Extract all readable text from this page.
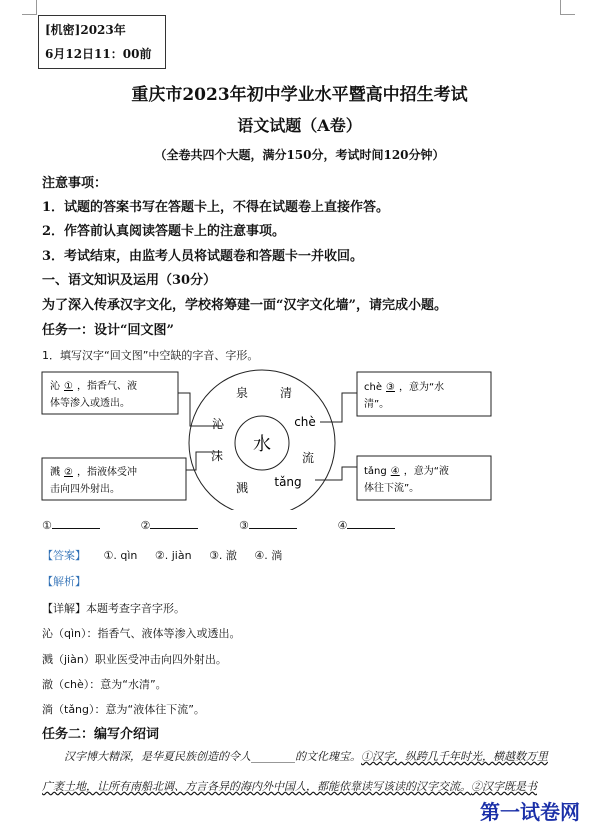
[机密]2023年
6月12日11：00前
重庆市2023年初中学业水平暨高中招生考试
语文试题（A卷）
（全卷共四个大题，满分150分，考试时间120分钟）
注意事项：
1．试题的答案书写在答题卡上，不得在试题卷上直接作答。
2．作答前认真阅读答题卡上的注意事项。
3．考试结束，由监考人员将试题卷和答题卡一并收回。
一、语文知识及运用（30分）
为了深入传承汉字文化，学校将筹建一面“汉字文化墙”，请完成小题。
任务一：设计“回文图”
1．填写汉字“回文图”中空缺的字音、字形。
水
泉	清
chè
流
tǎng
溅
沫
沁
沁 ① ，指香气、液
体等渗入或透出。
溅 ② ，指液体受冲
击向四外射出。
chè ③ ，意为“水
清”。
tǎng ④ ，意为“液
体往下流”。
①	②	③	④
【答案】 ①. qìn ②. jiàn ③. 澈 ④. 淌
【解析】
【详解】本题考查字音字形。
沁（qìn）：指香气、液体等渗入或透出。
溅（jiàn）职业医受冲击向四外射出。
澈（chè）：意为“水清”。
淌（tǎng）：意为“液体往下流”。
任务二：编写介绍词
汉字博大精深，是华夏民族创造的令人________的文化瑰宝。①汉字，纵跨几千年时光，横越数万里
广袤土地，让所有南船北调、方言各异的海内外中国人，都能依靠读写该读的汉字交流。②汉字既是书
第一试卷网
